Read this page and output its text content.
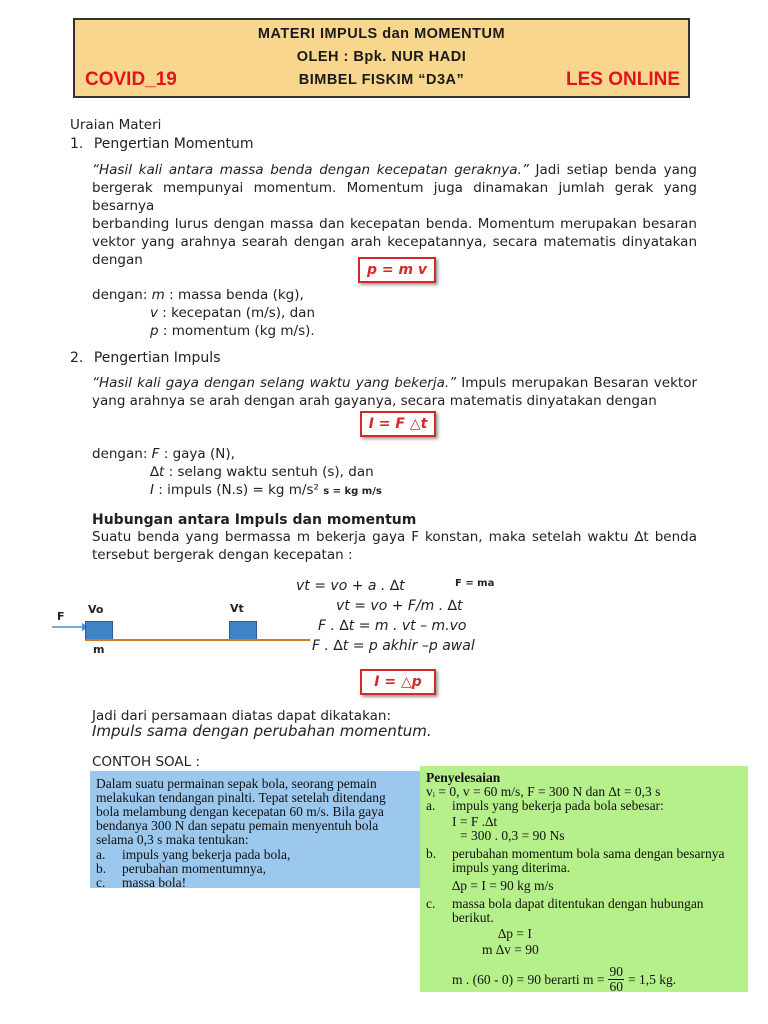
MATERI IMPULS dan MOMENTUM
OLEH : Bpk. NUR HADI
BIMBEL FISKIM “D3A”
COVID_19	LES ONLINE
Uraian Materi
1. Pengertian Momentum
“Hasil kali antara massa benda dengan kecepatan geraknya.” Jadi setiap benda yang
bergerak mempunyai momentum. Momentum juga dinamakan jumlah gerak yang besarnya
berbanding lurus dengan massa dan kecepatan benda. Momentum merupakan besaran
vektor yang arahnya searah dengan arah kecepatannya, secara matematis dinyatakan
dengan
p = m v
dengan: m : massa benda (kg),
v : kecepatan (m/s), dan
p : momentum (kg m/s).
2. Pengertian Impuls
“Hasil kali gaya dengan selang waktu yang bekerja.” Impuls merupakan Besaran vektor
yang arahnya se arah dengan arah gayanya, secara matematis dinyatakan dengan
I = F △t
dengan: F : gaya (N),
∆t : selang waktu sentuh (s), dan
I : impuls (N.s) = kg m/s² s = kg m/s
Hubungan antara Impuls dan momentum
Suatu benda yang bermassa m bekerja gaya F konstan, maka setelah waktu ∆t benda
tersebut bergerak dengan kecepatan :
vt = vo + a . ∆t	F = ma
vt = vo + F/m . ∆t
F . ∆t = m . vt – m.vo
F . ∆t = p akhir –p awal
I = △p
F
Vo	Vt
m
Jadi dari persamaan diatas dapat dikatakan:
Impuls sama dengan perubahan momentum.
CONTOH SOAL :
Dalam suatu permainan sepak bola, seorang pemain
melakukan tendangan pinalti. Tepat setelah ditendang
bola melambung dengan kecepatan 60 m/s. Bila gaya
bendanya 300 N dan sepatu pemain menyentuh bola
selama 0,3 s maka tentukan:
a. impuls yang bekerja pada bola,
b. perubahan momentumnya,
c. massa bola!
Penyelesaian
vᵢ = 0, v = 60 m/s, F = 300 N dan ∆t = 0,3 s
a. impuls yang bekerja pada bola sebesar:
I = F .∆t
= 300 . 0,3 = 90 Ns
b. perubahan momentum bola sama dengan besarnya
impuls yang diterima.
∆p = I = 90 kg m/s
c. massa bola dapat ditentukan dengan hubungan
berikut.
∆p = I
m ∆v = 90
m . (60 - 0) = 90 berarti $m = \frac{90}{60} = 1,5$ kg.
